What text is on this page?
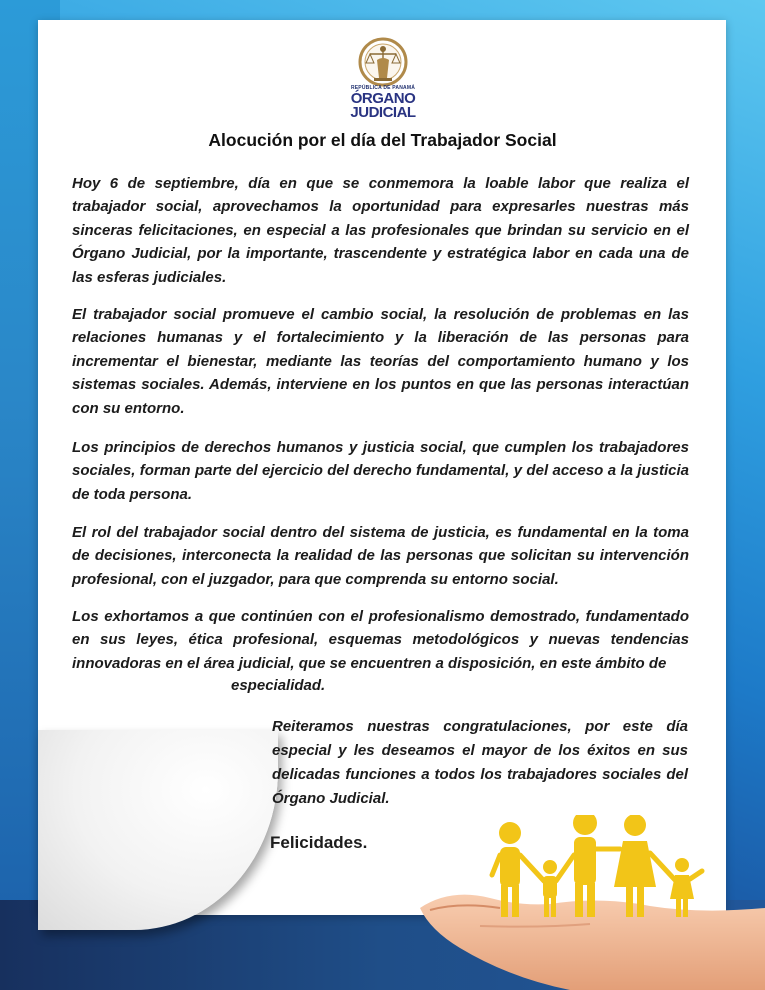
REPÚBLICA DE PANAMÁ
ÓRGANO
JUDICIAL
Alocución por el día del Trabajador Social

Hoy 6 de septiembre, día en que se conmemora la loable labor que realiza el trabajador social, aprovechamos la oportunidad para expresarles nuestras más sinceras felicitaciones, en especial a las profesionales que brindan su servicio en el Órgano Judicial, por la importante, trascendente y estratégica labor en cada una de las esferas judiciales.

El trabajador social promueve el cambio social, la resolución de problemas en las relaciones humanas y el fortalecimiento y la liberación de las personas para incrementar el bienestar, mediante las teorías del comportamiento humano y los sistemas sociales. Además, interviene en los puntos en que las personas interactúan con su entorno.

Los principios de derechos humanos y justicia social, que cumplen los trabajadores sociales, forman parte del ejercicio del derecho fundamental, y del acceso a la justicia de toda persona.

El rol del trabajador social dentro del sistema de justicia, es fundamental en la toma de decisiones, interconecta la realidad de las personas que solicitan su intervención profesional, con el juzgador, para que comprenda su entorno social.

Los exhortamos a que continúen con el profesionalismo demostrado, fundamentado en sus leyes, ética profesional, esquemas metodológicos y nuevas tendencias innovadoras en el área judicial, que se encuentren a disposición, en este ámbito de

especialidad.

Reiteramos nuestras congratulaciones, por este día especial y les deseamos el mayor de los éxitos en sus delicadas funciones a todos los trabajadores sociales del Órgano Judicial.

Felicidades.
